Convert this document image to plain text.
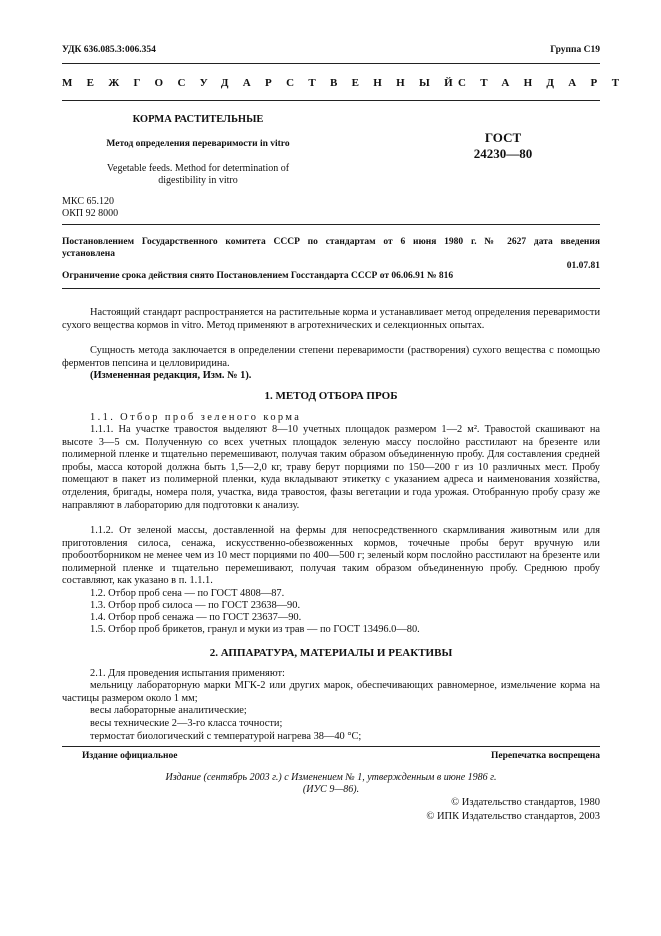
УДК 636.085.3:006.354	Группа С19
МЕЖГОСУДАРСТВЕННЫЙ
СТАНДАРТ
КОРМА РАСТИТЕЛЬНЫЕ
Метод определения переваримости in vitro
Vegetable feeds. Method for determination of
digestibility in vitro
ГОСТ
24230—80
МКС 65.120
ОКП 92 8000
Постановлением Государственного комитета СССР по стандартам от 6 июня 1980 г. № 2627 дата введения
установлена
01.07.81
Ограничение срока действия снято Постановлением Госстандарта СССР от 06.06.91 № 816
Настоящий стандарт распространяется на растительные корма и устанавливает метод определения переваримости сухого вещества кормов in vitro. Метод применяют в агротехнических и селекционных опытах.
Сущность метода заключается в определении степени переваримости (растворения) сухого вещества с помощью ферментов пепсина и целловиридина.
(Измененная редакция, Изм. № 1).
1. МЕТОД ОТБОРА ПРОБ
1.1. Отбор проб зеленого корма
1.1.1. На участке травостоя выделяют 8—10 учетных площадок размером 1—2 м². Травостой скашивают на высоте 3—5 см. Полученную со всех учетных площадок зеленую массу послойно расстилают на брезенте или полимерной пленке и тщательно перемешивают, получая таким образом объединенную пробу. Для составления средней пробы, масса которой должна быть 1,5—2,0 кг, траву берут порциями по 150—200 г из 10 различных мест. Пробу помещают в пакет из полимерной пленки, куда вкладывают этикетку с указанием адреса и наименования хозяйства, отделения, бригады, номера поля, участка, вида травостоя, фазы вегетации и года урожая. Отобранную пробу сразу же направляют в лабораторию для подготовки к анализу.
1.1.2. От зеленой массы, доставленной на фермы для непосредственного скармливания животным или для приготовления силоса, сенажа, искусственно-обезвоженных кормов, точечные пробы берут вручную или пробоотборником не менее чем из 10 мест порциями по 400—500 г; зеленый корм послойно расстилают на брезенте или полимерной пленке и тщательно перемешивают, получая таким образом объединенную пробу. Среднюю пробу составляют, как указано в п. 1.1.1.
1.2. Отбор проб сена — по ГОСТ 4808—87.
1.3. Отбор проб силоса — по ГОСТ 23638—90.
1.4. Отбор проб сенажа — по ГОСТ 23637—90.
1.5. Отбор проб брикетов, гранул и муки из трав — по ГОСТ 13496.0—80.
2. АППАРАТУРА, МАТЕРИАЛЫ И РЕАКТИВЫ
2.1. Для проведения испытания применяют:
мельницу лабораторную марки МГК-2 или других марок, обеспечивающих равномерное, измельчение корма на частицы размером около 1 мм;
весы лабораторные аналитические;
весы технические 2—3-го класса точности;
термостат биологический с температурой нагрева 38—40 °С;
Издание официальное	Перепечатка воспрещена
Издание (сентябрь 2003 г.) с Изменением № 1, утвержденным в июне 1986 г.
(ИУС 9—86).
© Издательство стандартов, 1980
© ИПК Издательство стандартов, 2003
